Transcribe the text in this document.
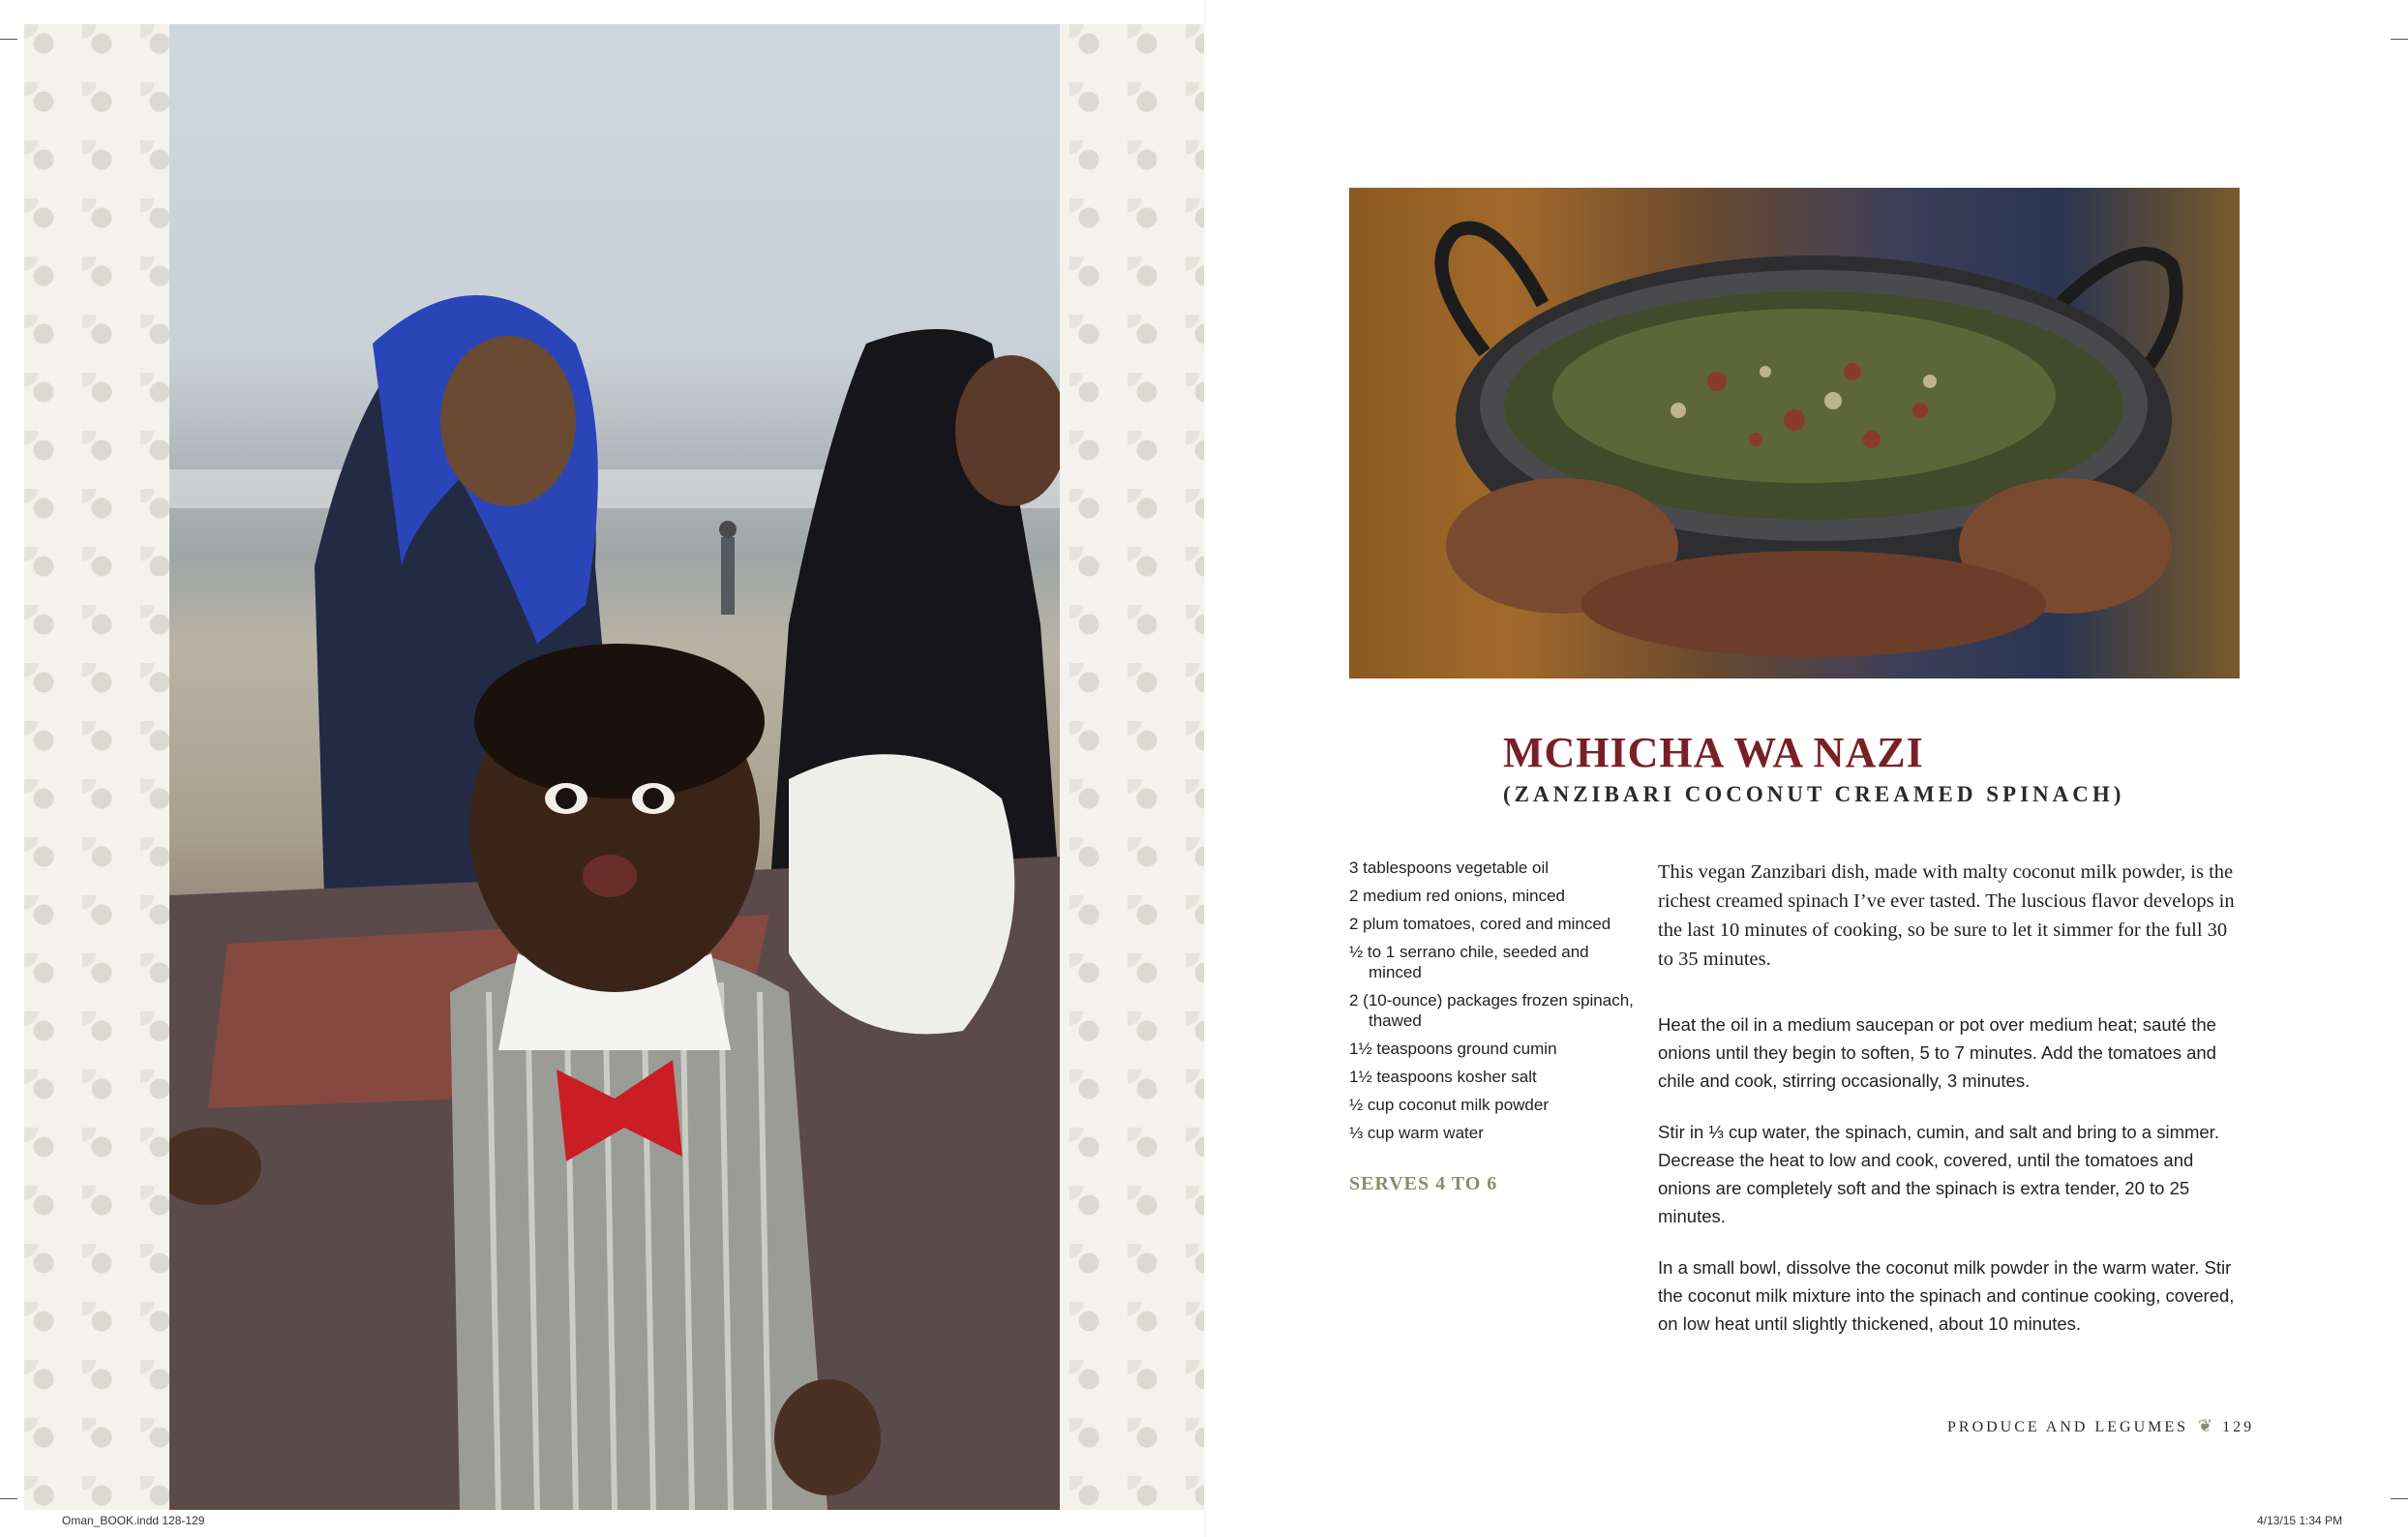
MCHICHA WA NAZI
(ZANZIBARI COCONUT CREAMED SPINACH)
3 tablespoons vegetable oil
2 medium red onions, minced
2 plum tomatoes, cored and minced
½ to 1 serrano chile, seeded and minced
2 (10-ounce) packages frozen spinach, thawed
1½ teaspoons ground cumin
1½ teaspoons kosher salt
½ cup coconut milk powder
⅓ cup warm water

SERVES 4 TO 6

This vegan Zanzibari dish, made with malty coconut milk powder, is the richest creamed spinach I’ve ever tasted. The luscious flavor develops in the last 10 minutes of cooking, so be sure to let it simmer for the full 30 to 35 minutes.

Heat the oil in a medium saucepan or pot over medium heat; sauté the onions until they begin to soften, 5 to 7 minutes. Add the tomatoes and chile and cook, stirring occasionally, 3 minutes.

Stir in ⅓ cup water, the spinach, cumin, and salt and bring to a simmer. Decrease the heat to low and cook, covered, until the tomatoes and onions are completely soft and the spinach is extra tender, 20 to 25 minutes.

In a small bowl, dissolve the coconut milk powder in the warm water. Stir the coconut milk mixture into the spinach and continue cooking, covered, on low heat until slightly thickened, about 10 minutes.

PRODUCE AND LEGUMES ❦ 129
Oman_BOOK.indd 128-129	4/13/15 1:34 PM
